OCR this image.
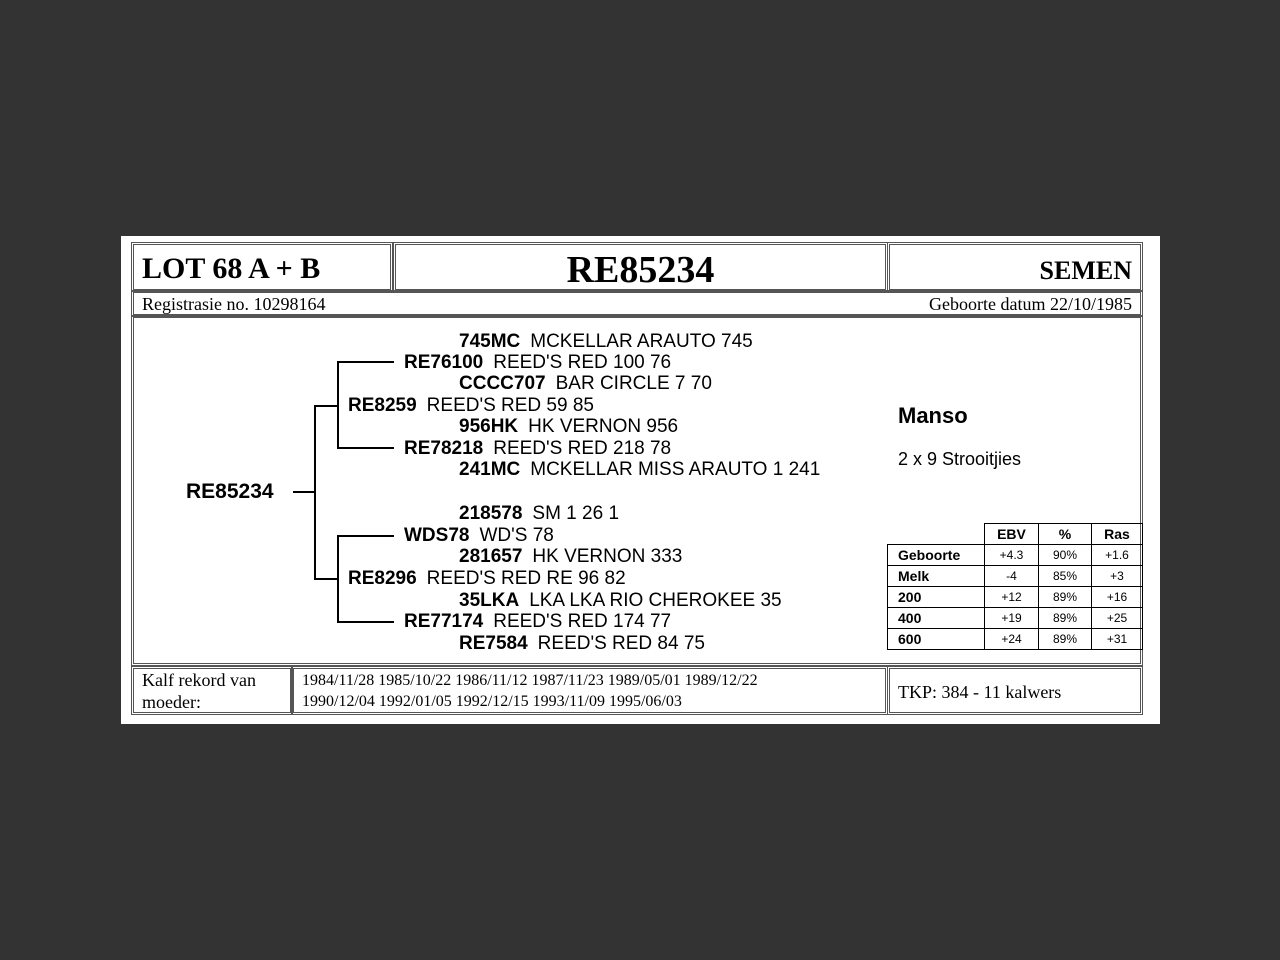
LOT 68 A + B	RE85234	SEMEN
Registrasie no. 10298164	Geboorte datum 22/10/1985
RE85234
745MC MCKELLAR ARAUTO 745
RE76100 REED'S RED 100 76
CCCC707 BAR CIRCLE 7 70
RE8259 REED'S RED 59 85
956HK HK VERNON 956
RE78218 REED'S RED 218 78
241MC MCKELLAR MISS ARAUTO 1 241
218578 SM 1 26 1
WDS78 WD'S 78
281657 HK VERNON 333
RE8296 REED'S RED RE 96 82
35LKA LKA LKA RIO CHEROKEE 35
RE77174 REED'S RED 174 77
RE7584 REED'S RED 84 75
Manso
2 x 9 Strooitjies
	EBV	%	Ras
Geboorte	+4.3	90%	+1.6
Melk	-4	85%	+3
200	+12	89%	+16
400	+19	89%	+25
600	+24	89%	+31
Kalf rekord van
moeder:
1984/11/28 1985/10/22 1986/11/12 1987/11/23 1989/05/01 1989/12/22
1990/12/04 1992/01/05 1992/12/15 1993/11/09 1995/06/03	TKP: 384 - 11 kalwers
